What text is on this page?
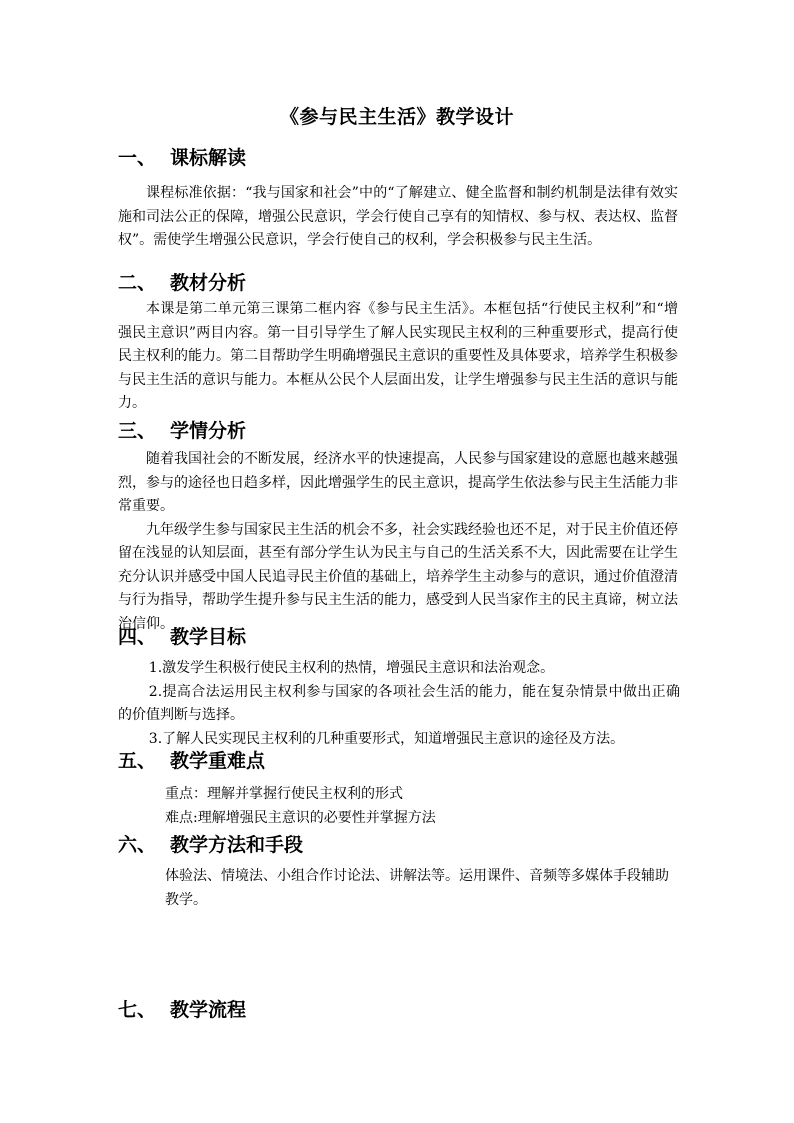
《参与民主生活》教学设计
一、 课标解读

课程标准依据：“我与国家和社会”中的“了解建立、健全监督和制约机制是法律有效实施和司法公正的保障，增强公民意识，学会行使自己享有的知情权、参与权、表达权、监督权”。需使学生增强公民意识，学会行使自己的权利，学会积极参与民主生活。

二、 教材分析

本课是第二单元第三课第二框内容《参与民主生活》。本框包括“行使民主权利”和“增强民主意识”两目内容。第一目引导学生了解人民实现民主权利的三种重要形式，提高行使民主权利的能力。第二目帮助学生明确增强民主意识的重要性及具体要求，培养学生积极参与民主生活的意识与能力。本框从公民个人层面出发，让学生增强参与民主生活的意识与能力。

三、 学情分析

随着我国社会的不断发展，经济水平的快速提高，人民参与国家建设的意愿也越来越强烈，参与的途径也日趋多样，因此增强学生的民主意识，提高学生依法参与民主生活能力非常重要。

九年级学生参与国家民主生活的机会不多，社会实践经验也还不足，对于民主价值还停留在浅显的认知层面，甚至有部分学生认为民主与自己的生活关系不大，因此需要在让学生充分认识并感受中国人民追寻民主价值的基础上，培养学生主动参与的意识，通过价值澄清与行为指导，帮助学生提升参与民主生活的能力，感受到人民当家作主的民主真谛，树立法治信仰。

四、 教学目标

1.激发学生积极行使民主权利的热情，增强民主意识和法治观念。

2.提高合法运用民主权利参与国家的各项社会生活的能力，能在复杂情景中做出正确的价值判断与选择。

3.了解人民实现民主权利的几种重要形式，知道增强民主意识的途径及方法。

五、 教学重难点

重点：理解并掌握行使民主权利的形式

难点:理解增强民主意识的必要性并掌握方法

六、 教学方法和手段

体验法、情境法、小组合作讨论法、讲解法等。运用课件、音频等多媒体手段辅助教学。

七、 教学流程
